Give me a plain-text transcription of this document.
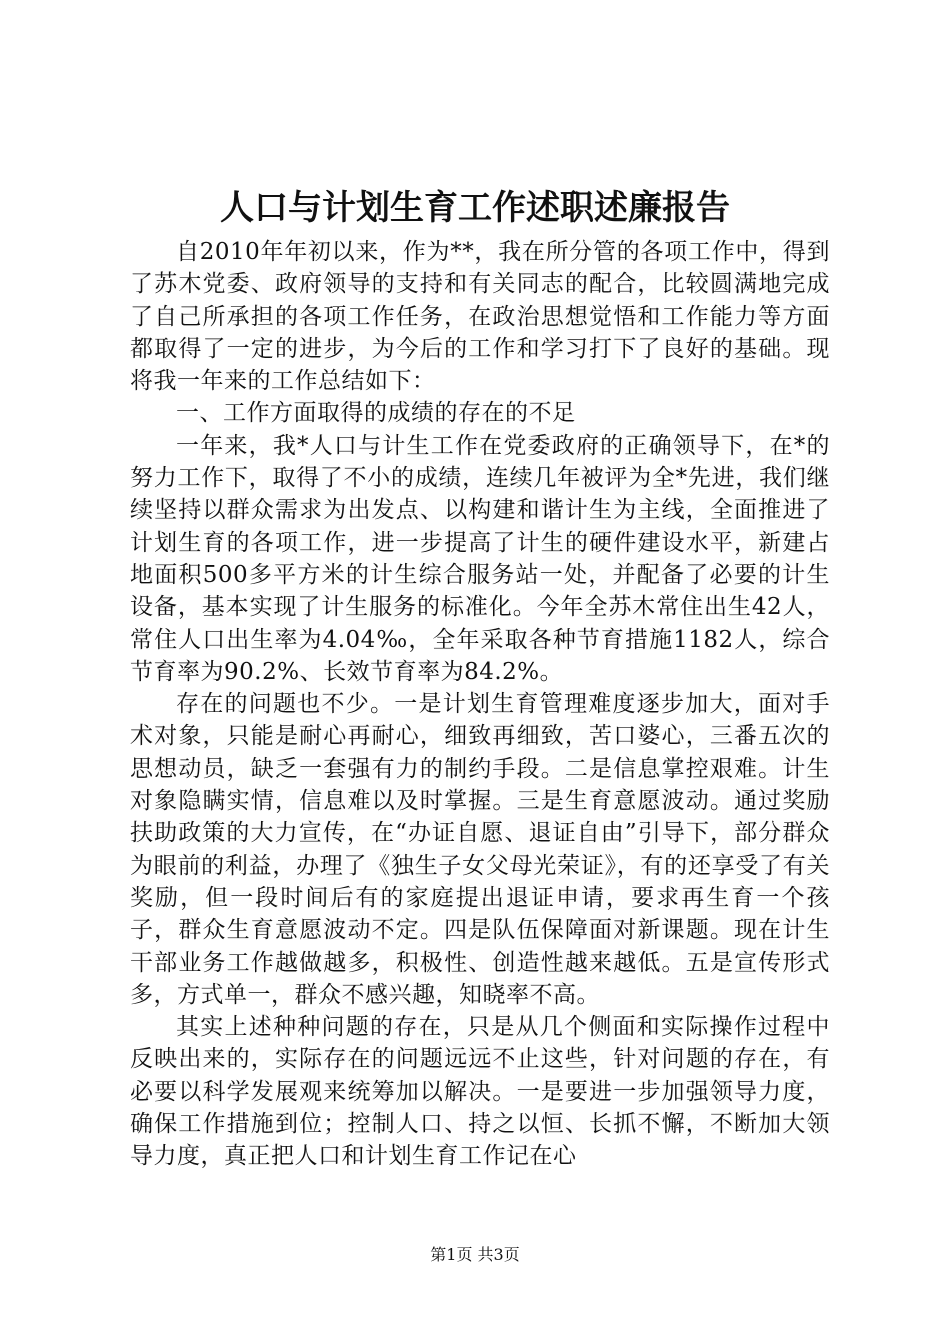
人口与计划生育工作述职述廉报告

自2010年年初以来，作为**，我在所分管的各项工作中，得到了苏木党委、政府领导的支持和有关同志的配合，比较圆满地完成了自己所承担的各项工作任务，在政治思想觉悟和工作能力等方面都取得了一定的进步，为今后的工作和学习打下了良好的基础。现将我一年来的工作总结如下：

一、工作方面取得的成绩的存在的不足

一年来，我*人口与计生工作在党委政府的正确领导下，在*的努力工作下，取得了不小的成绩，连续几年被评为全*先进，我们继续坚持以群众需求为出发点、以构建和谐计生为主线，全面推进了计划生育的各项工作，进一步提高了计生的硬件建设水平，新建占地面积500多平方米的计生综合服务站一处，并配备了必要的计生设备，基本实现了计生服务的标准化。今年全苏木常住出生42人，常住人口出生率为4.04‰，全年采取各种节育措施1182人，综合节育率为90.2%、长效节育率为84.2%。

存在的问题也不少。一是计划生育管理难度逐步加大，面对手术对象，只能是耐心再耐心，细致再细致，苦口婆心，三番五次的思想动员，缺乏一套强有力的制约手段。二是信息掌控艰难。计生对象隐瞒实情，信息难以及时掌握。三是生育意愿波动。通过奖励扶助政策的大力宣传，在“办证自愿、退证自由”引导下，部分群众为眼前的利益，办理了《独生子女父母光荣证》，有的还享受了有关奖励，但一段时间后有的家庭提出退证申请，要求再生育一个孩子，群众生育意愿波动不定。四是队伍保障面对新课题。现在计生干部业务工作越做越多，积极性、创造性越来越低。五是宣传形式多，方式单一，群众不感兴趣，知晓率不高。

其实上述种种问题的存在，只是从几个侧面和实际操作过程中反映出来的，实际存在的问题远远不止这些，针对问题的存在，有必要以科学发展观来统筹加以解决。一是要进一步加强领导力度，确保工作措施到位；控制人口、持之以恒、长抓不懈，不断加大领导力度，真正把人口和计划生育工作记在心

第1页 共3页
